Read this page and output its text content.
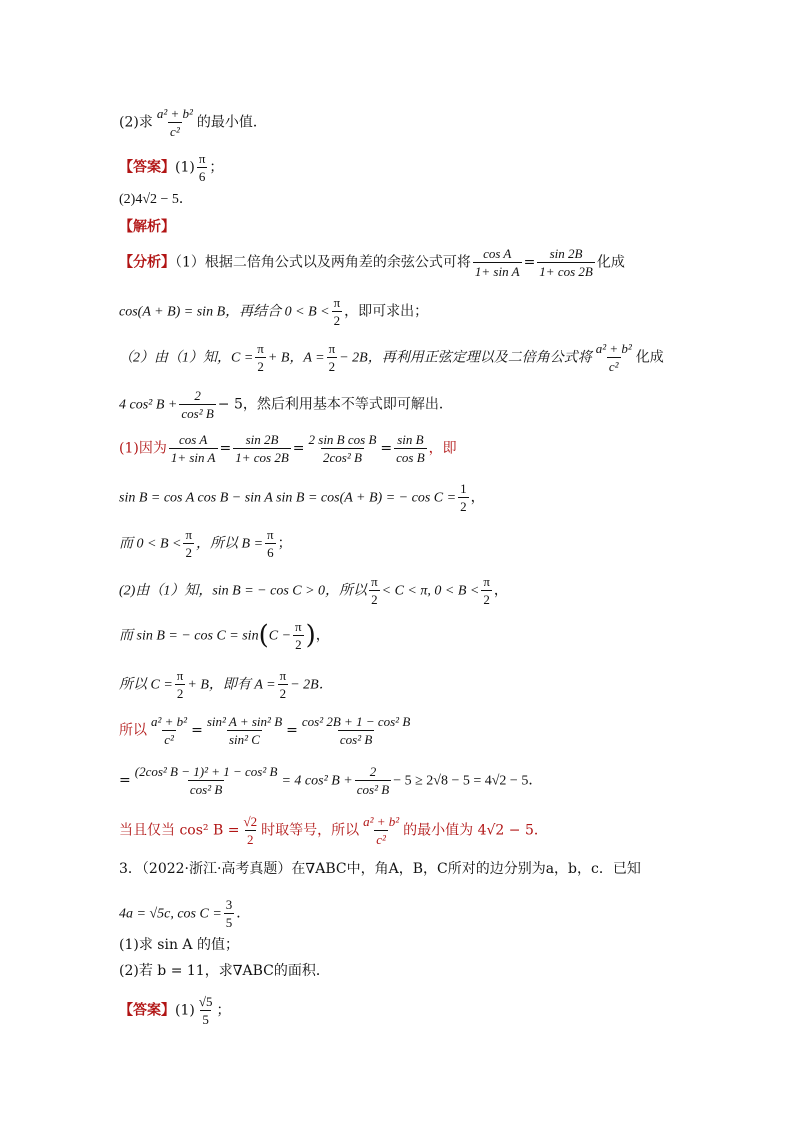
(2)求 $\frac{\text{a² + b²}}{\text{c²}}$ 的最小值．
【答案】$(1) \frac{\pi}{6}$ ；
(2)4√2 − 5．
【解析】
【分析】（1）根据二倍角公式以及两角差的余弦公式可将 $\frac{\text{cos A}}{\text{1+ sin A}} = \frac{\sin 2B}{1+ \cos 2B}$ 化成
cos(A + B) = sin B，再结合 $0 < B < \frac{\pi}{2}$ ，即可求出；
（2）由（1）知，$C = \frac{\pi}{2} + B$，$A = \frac{\pi}{2} - 2B$，再利用正弦定理以及二倍角公式将 $\frac{\text{a² + b²}}{\text{c²}}$ 化成
4 cos² $B + \frac{2}{\text{cos² B}} - 5$，然后利用基本不等式即可解出．
(1)因为 $\frac{\text{cos A}}{\text{1+ sin A}} = \frac{\sin 2B}{1+ \cos 2B} = \frac{\text{2 sin B cos B}}{\text{2cos² B}} = \frac{\text{sin B}}{\text{cos B}}$ ，即
sin B = cos A cos B − sin A sin B = cos(A + B) = − $\cos C = \frac{1}{2}$ ，
而 $0 < B < \frac{\pi}{2}$ ，所以 $B = \frac{\pi}{6}$ ；
(2)由（1）知，sin B = − cos C > 0，所以 $\frac{\pi}{2} < C < \pi$, $0 < B < \frac{\pi}{2}$ ，
而 sin B = − $\cos C = \sin(C - \frac{\pi}{2}$ )，
所以 $C = \frac{\pi}{2} + B$，即有 $A = \frac{\pi}{2} - 2B$．
所以 $\frac{\text{a² + b²}}{\text{c²}} = \frac{\text{sin² A + sin² B}}{\text{sin² C}} = \frac{\text{cos² 2B + 1 − cos² B}}{\text{cos² B}}$
= $\frac{\text{(2cos² B − 1)² + 1 − cos² B}}{\text{cos² B}} = 4$ cos² $B + \frac{2}{\text{cos² B}} - 5 \ge 2√8 - 5 = 4√2 - 5$．
当且仅当 cos² $B = \frac{√2}{2}$ 时取等号，所以 $\frac{\text{a² + b²}}{\text{c²}}$ 的最小值为 4√2 − 5．
3．（2022·浙江·高考真题）在∇ABC中，角A，B，C所对的边分别为a，b，c．已知
4a = √5c, $\cos C = \frac{3}{5}$ ．
(1)求 sin A 的值；
(2)若 b = 11，求∇ABC的面积．
【答案】$(1) \frac{√5}{5}$ ；
